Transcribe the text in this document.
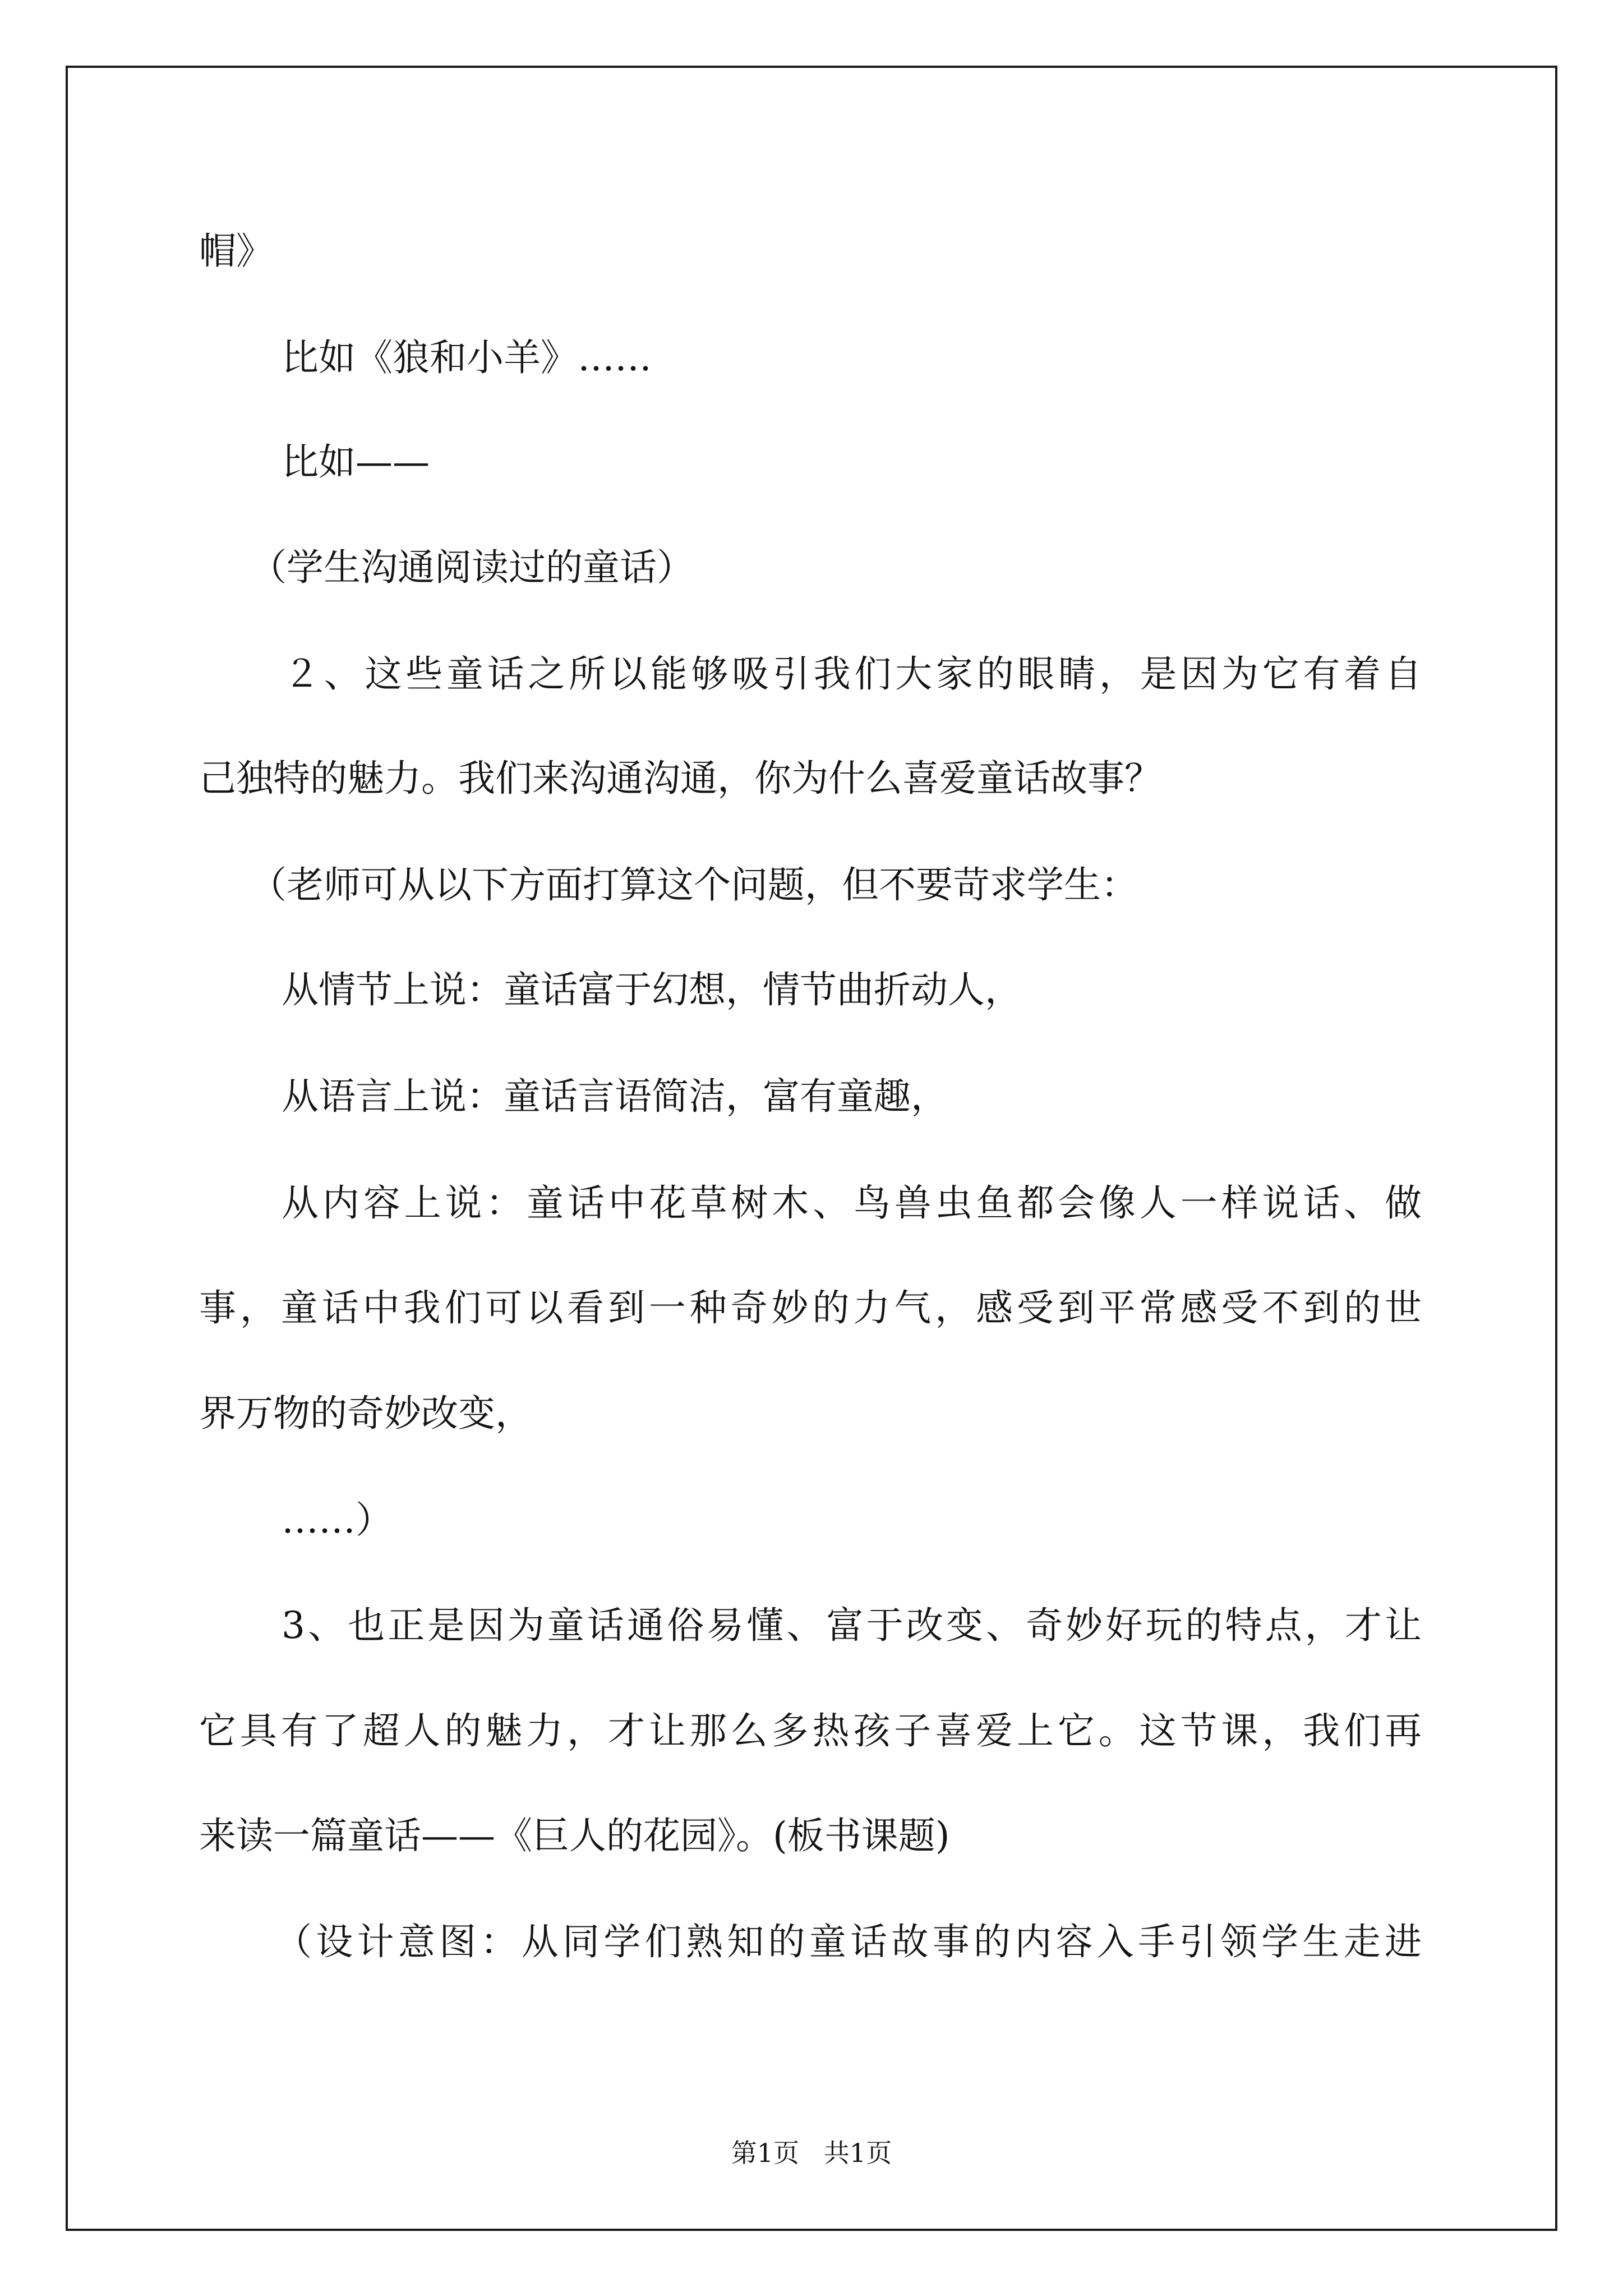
帽》

比如《狼和小羊》……

比如——

（学生沟通阅读过的童话）

２、这些童话之所以能够吸引我们大家的眼睛，是因为它有着自

己独特的魅力。我们来沟通沟通，你为什么喜爱童话故事？

（老师可从以下方面打算这个问题，但不要苛求学生：

从情节上说：童话富于幻想，情节曲折动人，

从语言上说：童话言语简洁，富有童趣，

从内容上说：童话中花草树木、鸟兽虫鱼都会像人一样说话、做

事，童话中我们可以看到一种奇妙的力气，感受到平常感受不到的世

界万物的奇妙改变，

……）

3、也正是因为童话通俗易懂、富于改变、奇妙好玩的特点，才让

它具有了超人的魅力，才让那么多热孩子喜爱上它。这节课，我们再

来读一篇童话——《巨人的花园》。(板书课题)

（设计意图：从同学们熟知的童话故事的内容入手引领学生走进

第1页   共1页
